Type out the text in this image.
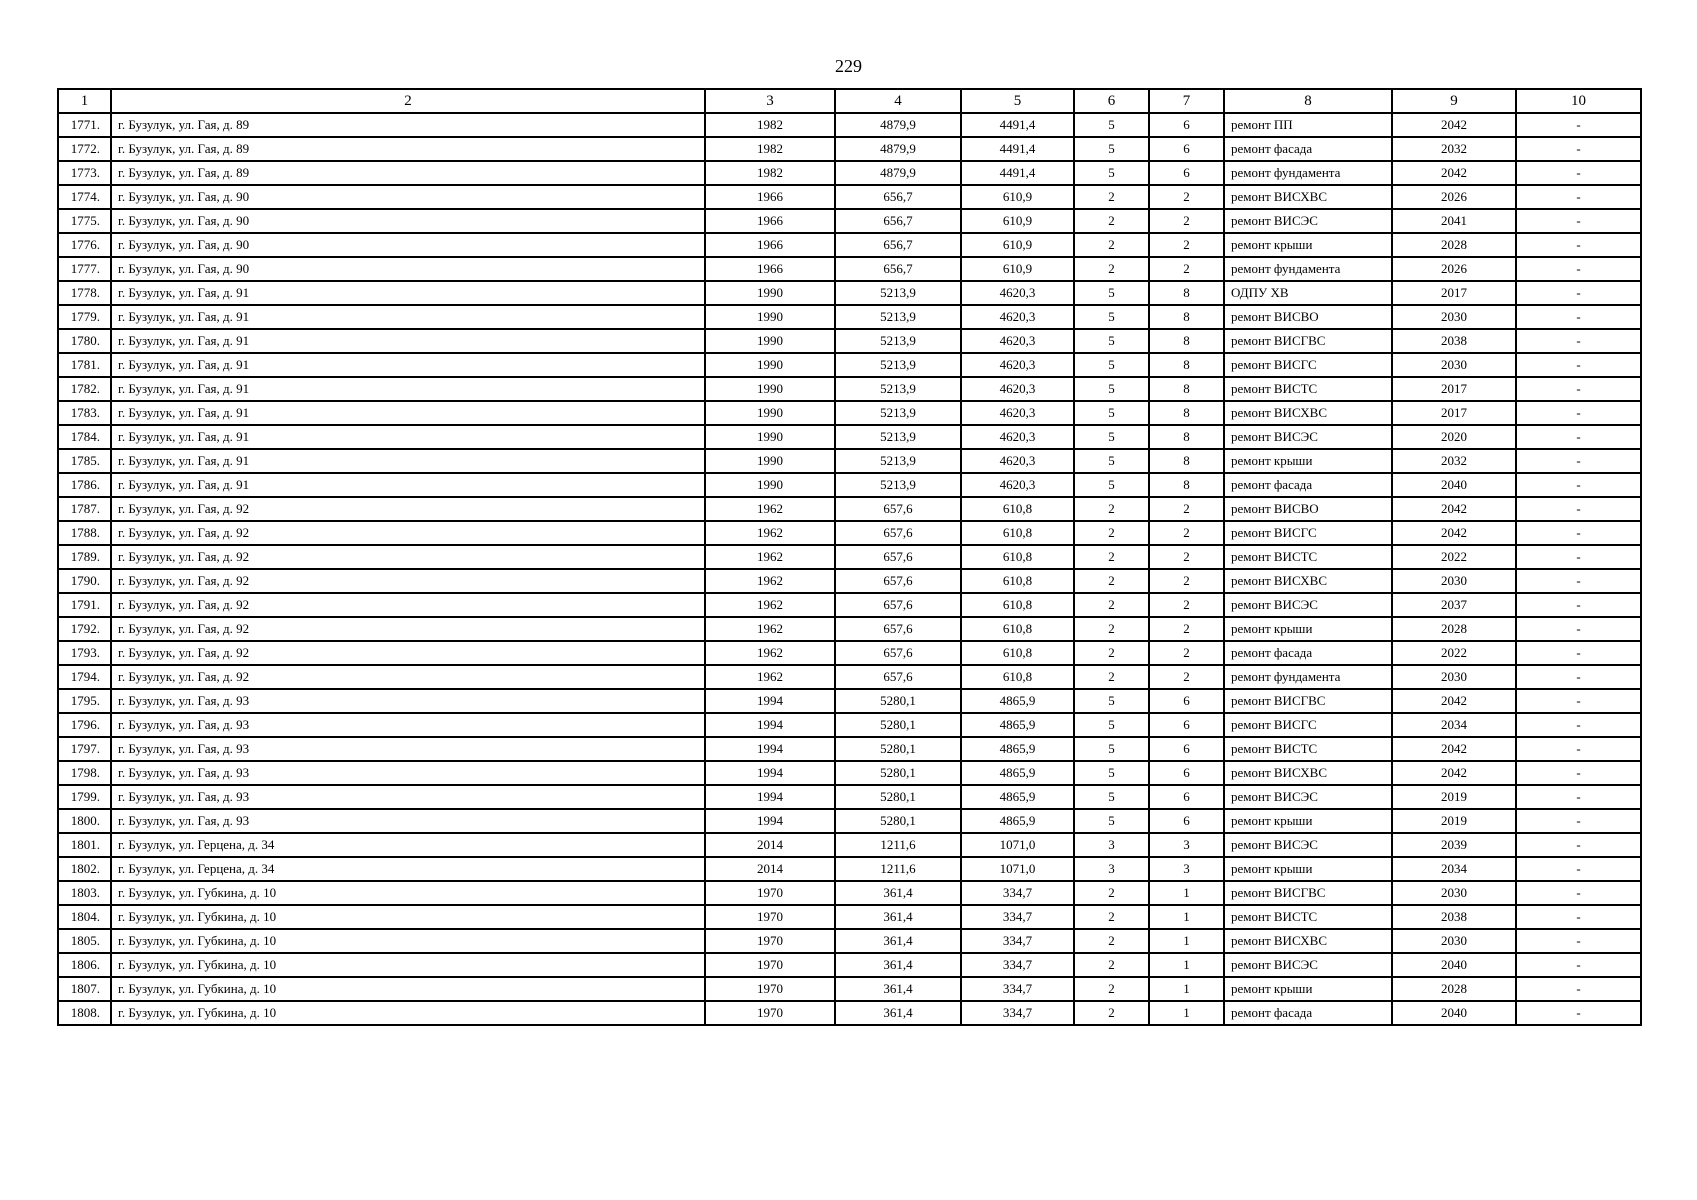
229
1	2	3	4	5	6	7	8	9	10
1771.	г. Бузулук, ул. Гая, д. 89	1982	4879,9	4491,4	5	6	ремонт ПП	2042	-
1772.	г. Бузулук, ул. Гая, д. 89	1982	4879,9	4491,4	5	6	ремонт фасада	2032	-
1773.	г. Бузулук, ул. Гая, д. 89	1982	4879,9	4491,4	5	6	ремонт фундамента	2042	-
1774.	г. Бузулук, ул. Гая, д. 90	1966	656,7	610,9	2	2	ремонт ВИСХВС	2026	-
1775.	г. Бузулук, ул. Гая, д. 90	1966	656,7	610,9	2	2	ремонт ВИСЭС	2041	-
1776.	г. Бузулук, ул. Гая, д. 90	1966	656,7	610,9	2	2	ремонт крыши	2028	-
1777.	г. Бузулук, ул. Гая, д. 90	1966	656,7	610,9	2	2	ремонт фундамента	2026	-
1778.	г. Бузулук, ул. Гая, д. 91	1990	5213,9	4620,3	5	8	ОДПУ ХВ	2017	-
1779.	г. Бузулук, ул. Гая, д. 91	1990	5213,9	4620,3	5	8	ремонт ВИСВО	2030	-
1780.	г. Бузулук, ул. Гая, д. 91	1990	5213,9	4620,3	5	8	ремонт ВИСГВС	2038	-
1781.	г. Бузулук, ул. Гая, д. 91	1990	5213,9	4620,3	5	8	ремонт ВИСГС	2030	-
1782.	г. Бузулук, ул. Гая, д. 91	1990	5213,9	4620,3	5	8	ремонт ВИСТС	2017	-
1783.	г. Бузулук, ул. Гая, д. 91	1990	5213,9	4620,3	5	8	ремонт ВИСХВС	2017	-
1784.	г. Бузулук, ул. Гая, д. 91	1990	5213,9	4620,3	5	8	ремонт ВИСЭС	2020	-
1785.	г. Бузулук, ул. Гая, д. 91	1990	5213,9	4620,3	5	8	ремонт крыши	2032	-
1786.	г. Бузулук, ул. Гая, д. 91	1990	5213,9	4620,3	5	8	ремонт фасада	2040	-
1787.	г. Бузулук, ул. Гая, д. 92	1962	657,6	610,8	2	2	ремонт ВИСВО	2042	-
1788.	г. Бузулук, ул. Гая, д. 92	1962	657,6	610,8	2	2	ремонт ВИСГС	2042	-
1789.	г. Бузулук, ул. Гая, д. 92	1962	657,6	610,8	2	2	ремонт ВИСТС	2022	-
1790.	г. Бузулук, ул. Гая, д. 92	1962	657,6	610,8	2	2	ремонт ВИСХВС	2030	-
1791.	г. Бузулук, ул. Гая, д. 92	1962	657,6	610,8	2	2	ремонт ВИСЭС	2037	-
1792.	г. Бузулук, ул. Гая, д. 92	1962	657,6	610,8	2	2	ремонт крыши	2028	-
1793.	г. Бузулук, ул. Гая, д. 92	1962	657,6	610,8	2	2	ремонт фасада	2022	-
1794.	г. Бузулук, ул. Гая, д. 92	1962	657,6	610,8	2	2	ремонт фундамента	2030	-
1795.	г. Бузулук, ул. Гая, д. 93	1994	5280,1	4865,9	5	6	ремонт ВИСГВС	2042	-
1796.	г. Бузулук, ул. Гая, д. 93	1994	5280,1	4865,9	5	6	ремонт ВИСГС	2034	-
1797.	г. Бузулук, ул. Гая, д. 93	1994	5280,1	4865,9	5	6	ремонт ВИСТС	2042	-
1798.	г. Бузулук, ул. Гая, д. 93	1994	5280,1	4865,9	5	6	ремонт ВИСХВС	2042	-
1799.	г. Бузулук, ул. Гая, д. 93	1994	5280,1	4865,9	5	6	ремонт ВИСЭС	2019	-
1800.	г. Бузулук, ул. Гая, д. 93	1994	5280,1	4865,9	5	6	ремонт крыши	2019	-
1801.	г. Бузулук, ул. Герцена, д. 34	2014	1211,6	1071,0	3	3	ремонт ВИСЭС	2039	-
1802.	г. Бузулук, ул. Герцена, д. 34	2014	1211,6	1071,0	3	3	ремонт крыши	2034	-
1803.	г. Бузулук, ул. Губкина, д. 10	1970	361,4	334,7	2	1	ремонт ВИСГВС	2030	-
1804.	г. Бузулук, ул. Губкина, д. 10	1970	361,4	334,7	2	1	ремонт ВИСТС	2038	-
1805.	г. Бузулук, ул. Губкина, д. 10	1970	361,4	334,7	2	1	ремонт ВИСХВС	2030	-
1806.	г. Бузулук, ул. Губкина, д. 10	1970	361,4	334,7	2	1	ремонт ВИСЭС	2040	-
1807.	г. Бузулук, ул. Губкина, д. 10	1970	361,4	334,7	2	1	ремонт крыши	2028	-
1808.	г. Бузулук, ул. Губкина, д. 10	1970	361,4	334,7	2	1	ремонт фасада	2040	-
